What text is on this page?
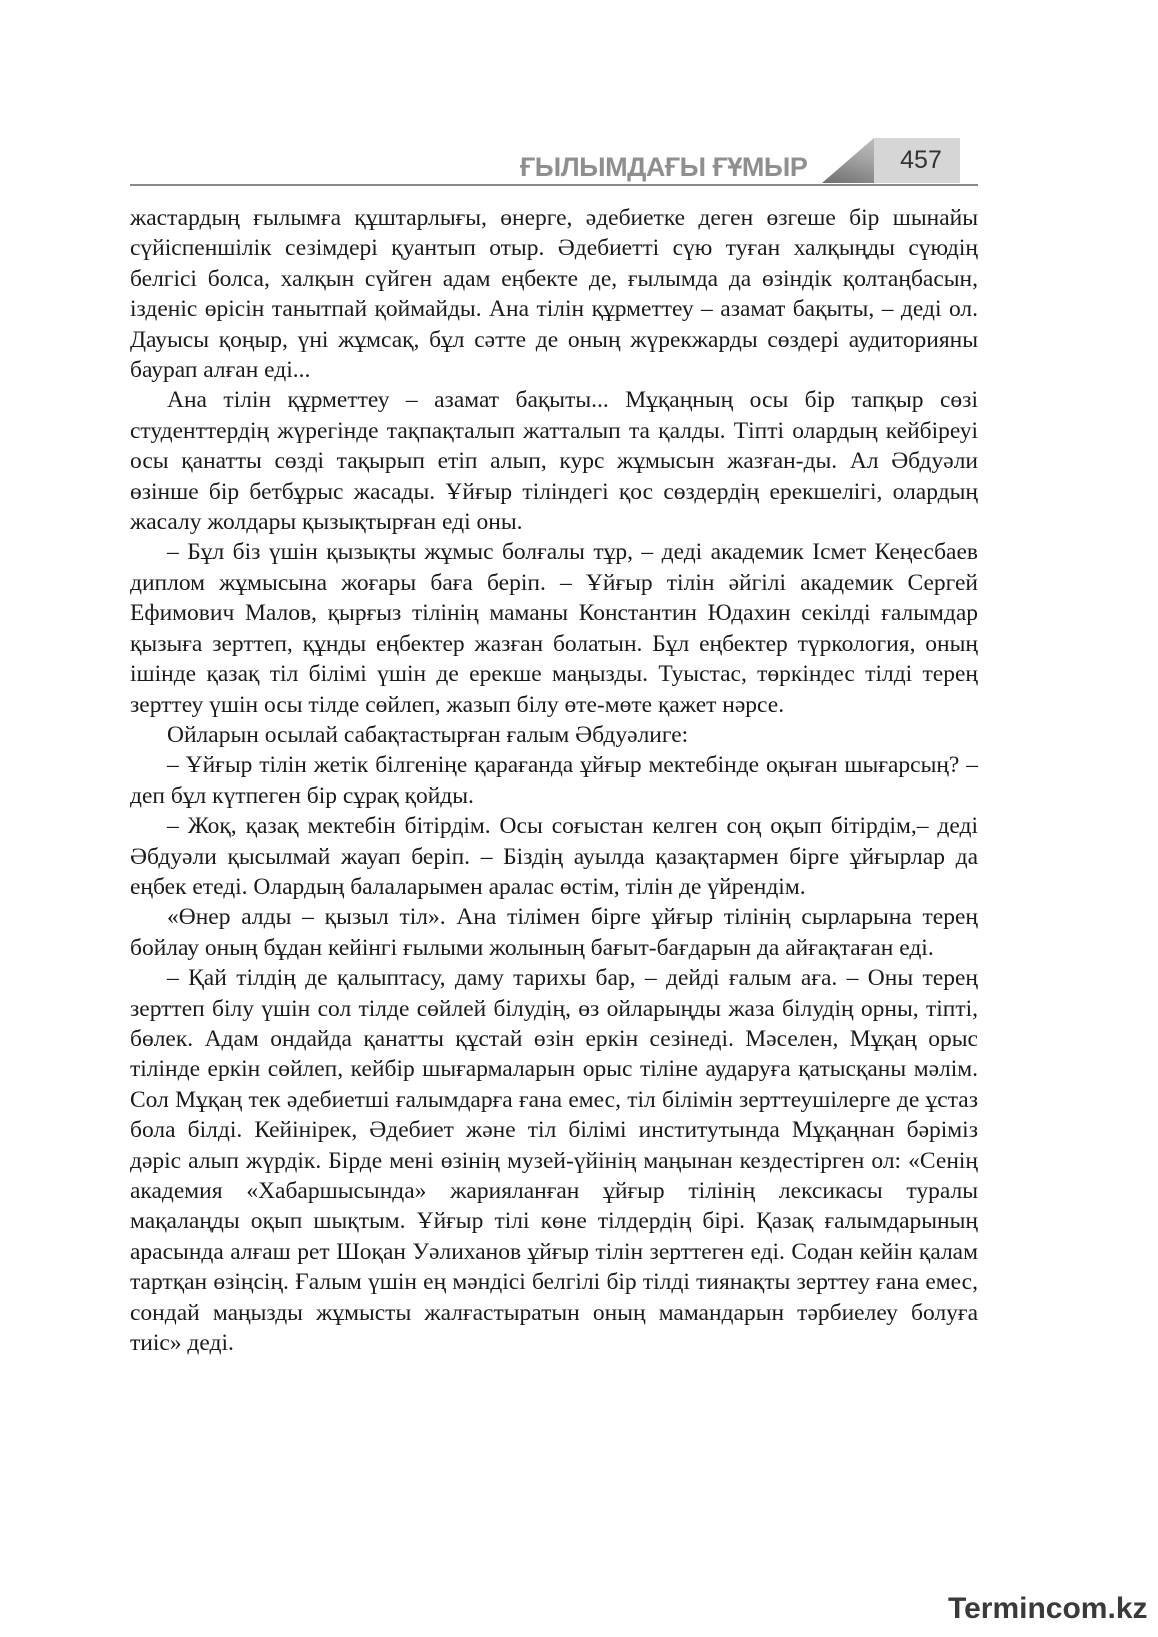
ҒЫЛЫМДАҒЫ ҒҰМЫР	457

жастардың ғылымға құштарлығы, өнерге, әдебиетке деген өзгеше бір шынайы сүйіспеншілік сезімдері қуантып отыр. Әдебиетті сүю туған халқыңды сүюдің белгісі болса, халқын сүйген адам еңбекте де, ғылымда да өзіндік қолтаңбасын, ізденіс өрісін танытпай қоймайды. Ана тілін құрметтеу – азамат бақыты, – деді ол. Дауысы қоңыр, үні жұмсақ, бұл сәтте де оның жүрекжарды сөздері аудиторияны баурап алған еді...

Ана тілін құрметтеу – азамат бақыты... Мұқаңның осы бір тапқыр сөзі студенттердің жүрегінде тақпақталып жатталып та қалды. Тіпті олардың кейбіреуі осы қанатты сөзді тақырып етіп алып, курс жұмысын жазған-ды. Ал Әбдуәли өзінше бір бетбұрыс жасады. Ұйғыр тіліндегі қос сөздердің ерекшелігі, олардың жасалу жолдары қызықтырған еді оны.

– Бұл біз үшін қызықты жұмыс болғалы тұр, – деді академик Ісмет Кеңесбаев диплом жұмысына жоғары баға беріп. – Ұйғыр тілін әйгілі академик Сергей Ефимович Малов, қырғыз тілінің маманы Константин Юдахин секілді ғалымдар қызыға зерттеп, құнды еңбектер жазған болатын. Бұл еңбектер түркология, оның ішінде қазақ тіл білімі үшін де ерекше маңызды. Туыстас, төркіндес тілді терең зерттеу үшін осы тілде сөйлеп, жазып білу өте-мөте қажет нәрсе.

Ойларын осылай сабақтастырған ғалым Әбдуәлиге:

– Ұйғыр тілін жетік білгеніңе қарағанда ұйғыр мектебінде оқыған шығарсың? – деп бұл күтпеген бір сұрақ қойды.

– Жоқ, қазақ мектебін бітірдім. Осы соғыстан келген соң оқып бітірдім,– деді Әбдуәли қысылмай жауап беріп. – Біздің ауылда қазақтармен бірге ұйғырлар да еңбек етеді. Олардың балаларымен аралас өстім, тілін де үйрендім.

«Өнер алды – қызыл тіл». Ана тілімен бірге ұйғыр тілінің сырларына терең бойлау оның бұдан кейінгі ғылыми жолының бағыт-бағдарын да айғақтаған еді.

– Қай тілдің де қалыптасу, даму тарихы бар, – дейді ғалым аға. – Оны терең зерттеп білу үшін сол тілде сөйлей білудің, өз ойларыңды жаза білудің орны, тіпті, бөлек. Адам ондайда қанатты құстай өзін еркін сезінеді. Мәселен, Мұқаң орыс тілінде еркін сөйлеп, кейбір шығармаларын орыс тіліне аударуға қатысқаны мәлім. Сол Мұқаң тек әдебиетші ғалымдарға ғана емес, тіл білімін зерттеушілерге де ұстаз бола білді. Кейінірек, Әдебиет және тіл білімі институтында Мұқаңнан бәріміз дәріс алып жүрдік. Бірде мені өзінің музей-үйінің маңынан кездестірген ол: «Сенің академия «Хабаршысында» жарияланған ұйғыр тілінің лексикасы туралы мақалаңды оқып шықтым. Ұйғыр тілі көне тілдердің бірі. Қазақ ғалымдарының арасында алғаш рет Шоқан Уәлиханов ұйғыр тілін зерттеген еді. Содан кейін қалам тартқан өзіңсің. Ғалым үшін ең мәндісі белгілі бір тілді тиянақты зерттеу ғана емес, сондай маңызды жұмысты жалғастыратын оның мамандарын тәрбиелеу болуға тиіс» деді.

Termincom.kz
